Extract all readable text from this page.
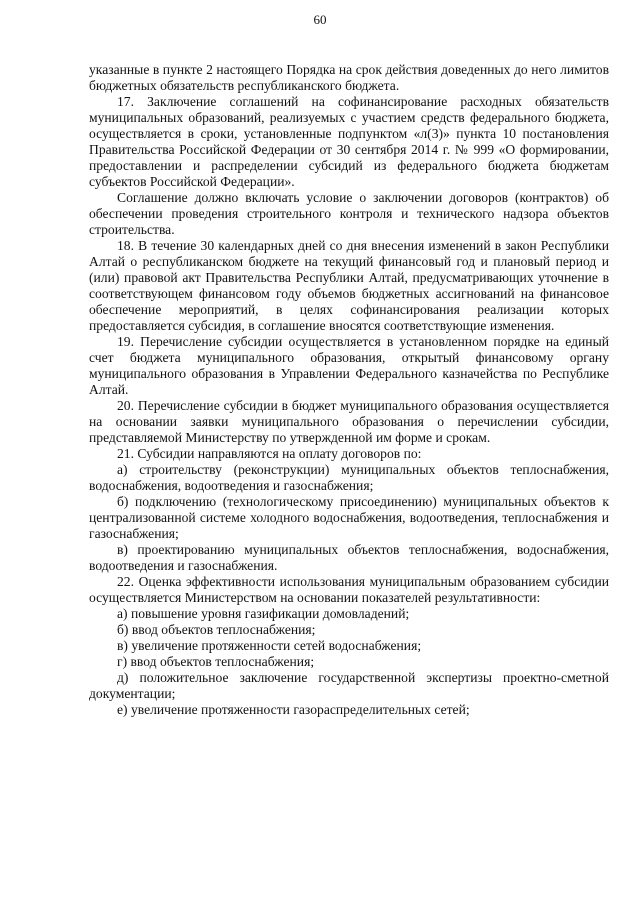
60

указанные в пункте 2 настоящего Порядка на срок действия доведенных до него лимитов бюджетных обязательств республиканского бюджета.

17. Заключение соглашений на софинансирование расходных обязательств муниципальных образований, реализуемых с участием средств федерального бюджета, осуществляется в сроки, установленные подпунктом «л(3)» пункта 10 постановления Правительства Российской Федерации от 30 сентября 2014 г. № 999 «О формировании, предоставлении и распределении субсидий из федерального бюджета бюджетам субъектов Российской Федерации».

Соглашение должно включать условие о заключении договоров (контрактов) об обеспечении проведения строительного контроля и технического надзора объектов строительства.

18. В течение 30 календарных дней со дня внесения изменений в закон Республики Алтай о республиканском бюджете на текущий финансовый год и плановый период и (или) правовой акт Правительства Республики Алтай, предусматривающих уточнение в соответствующем финансовом году объемов бюджетных ассигнований на финансовое обеспечение мероприятий, в целях софинансирования реализации которых предоставляется субсидия, в соглашение вносятся соответствующие изменения.

19. Перечисление субсидии осуществляется в установленном порядке на единый счет бюджета муниципального образования, открытый финансовому органу муниципального образования в Управлении Федерального казначейства по Республике Алтай.

20. Перечисление субсидии в бюджет муниципального образования осуществляется на основании заявки муниципального образования о перечислении субсидии, представляемой Министерству по утвержденной им форме и срокам.

21. Субсидии направляются на оплату договоров по:

а) строительству (реконструкции) муниципальных объектов теплоснабжения, водоснабжения, водоотведения и газоснабжения;

б) подключению (технологическому присоединению) муниципальных объектов к централизованной системе холодного водоснабжения, водоотведения, теплоснабжения и газоснабжения;

в) проектированию муниципальных объектов теплоснабжения, водоснабжения, водоотведения и газоснабжения.

22. Оценка эффективности использования муниципальным образованием субсидии осуществляется Министерством на основании показателей результативности:

а) повышение уровня газификации домовладений;

б) ввод объектов теплоснабжения;

в) увеличение протяженности сетей водоснабжения;

г) ввод объектов теплоснабжения;

д) положительное заключение государственной экспертизы проектно-сметной документации;

е) увеличение протяженности газораспределительных сетей;
